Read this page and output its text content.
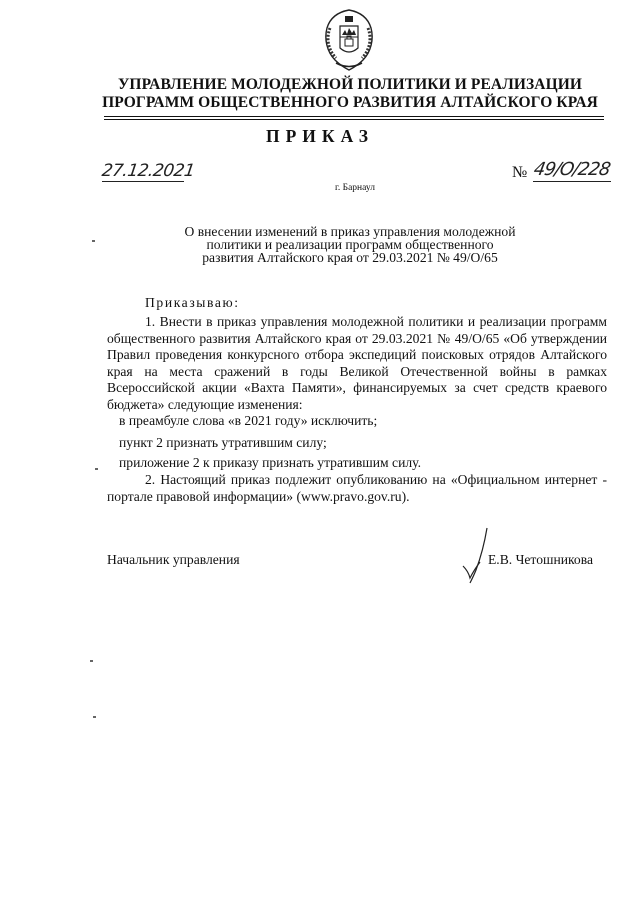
УПРАВЛЕНИЕ МОЛОДЕЖНОЙ ПОЛИТИКИ И РЕАЛИЗАЦИИ
ПРОГРАММ ОБЩЕСТВЕННОГО РАЗВИТИЯ АЛТАЙСКОГО КРАЯ
ПРИКАЗ
27.12.2021	№ 49/О/228
г. Барнаул
О внесении изменений в приказ управления молодежной политики и реализации программ общественного развития Алтайского края от 29.03.2021 № 49/О/65
Приказываю:
1. Внести в приказ управления молодежной политики и реализации программ общественного развития Алтайского края от 29.03.2021 № 49/О/65 «Об утверждении Правил проведения конкурсного отбора экспедиций поисковых отрядов Алтайского края на места сражений в годы Великой Отечественной войны в рамках Всероссийской акции «Вахта Памяти», финансируемых за счет средств краевого бюджета» следующие изменения:
в преамбуле слова «в 2021 году» исключить;
пункт 2 признать утратившим силу;
приложение 2 к приказу признать утратившим силу.
2. Настоящий приказ подлежит опубликованию на «Официальном интернет - портале правовой информации» (www.pravo.gov.ru).
Начальник управления	Е.В. Четошникова
